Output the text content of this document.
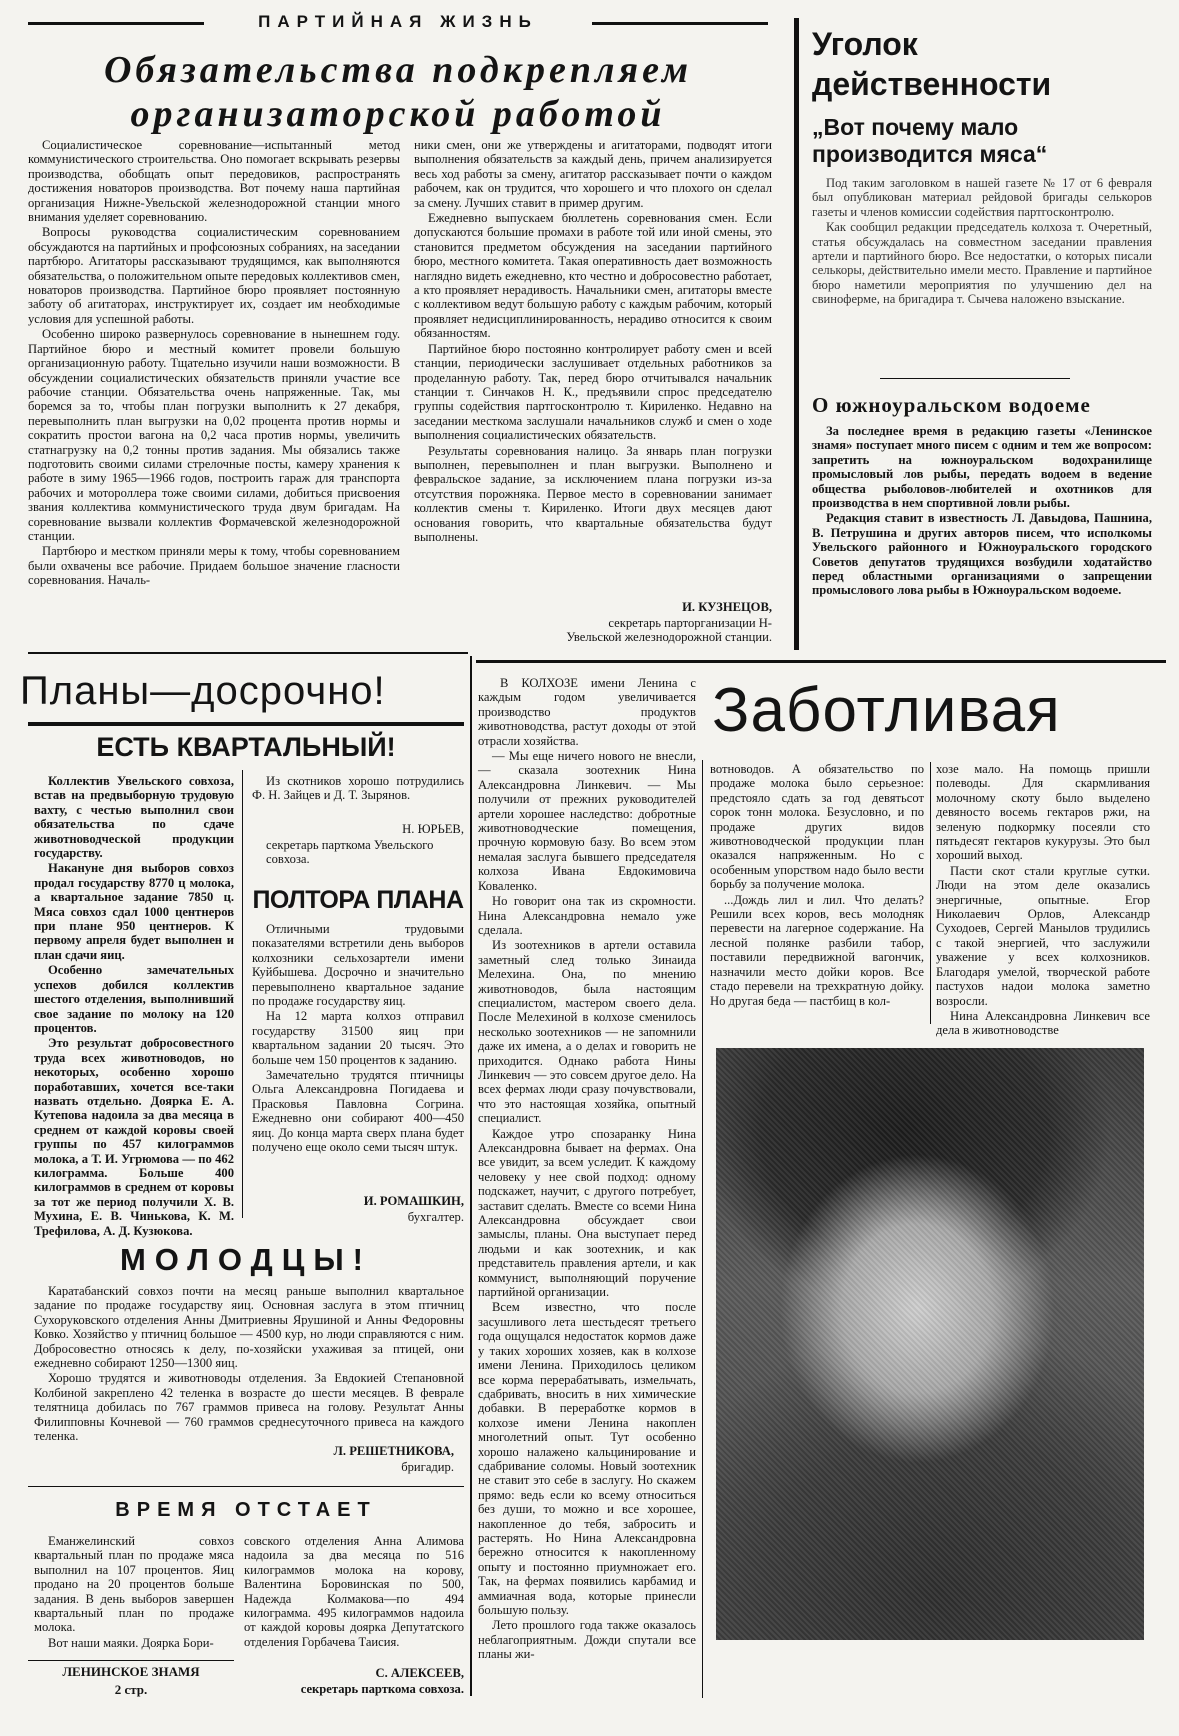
ПАРТИЙНАЯ ЖИЗНЬ
Обязательства подкрепляем
организаторской работой

Социалистическое соревнование—испытанный метод коммунистического строительства. Оно помогает вскрывать резервы производства, обобщать опыт передовиков, распространять достижения новаторов производства. Вот почему наша партийная организация Нижне-Увельской железнодорожной станции много внимания уделяет соревнованию.

Вопросы руководства социалистическим соревнованием обсуждаются на партийных и профсоюзных собраниях, на заседании партбюро. Агитаторы рассказывают трудящимся, как выполняются обязательства, о положительном опыте передовых коллективов смен, новаторов производства. Партийное бюро проявляет постоянную заботу об агитаторах, инструктирует их, создает им необходимые условия для успешной работы.

Особенно широко развернулось соревнование в нынешнем году. Партийное бюро и местный комитет провели большую организационную работу. Тщательно изучили наши возможности. В обсуждении социалистических обязательств приняли участие все рабочие станции. Обязательства очень напряженные. Так, мы боремся за то, чтобы план погрузки выполнить к 27 декабря, перевыполнить план выгрузки на 0,02 процента против нормы и сократить простои вагона на 0,2 часа против нормы, увеличить статнагрузку на 0,2 тонны против задания. Мы обязались также подготовить своими силами стрелочные посты, камеру хранения к работе в зиму 1965—1966 годов, построить гараж для транспорта рабочих и мотороллера тоже своими силами, добиться присвоения звания коллектива коммунистического труда двум бригадам. На соревнование вызвали коллектив Формачевской железнодорожной станции.

Партбюро и местком приняли меры к тому, чтобы соревнованием были охвачены все рабочие. Придаем большое значение гласности соревнования. Началь-

ники смен, они же утверждены и агитаторами, подводят итоги выполнения обязательств за каждый день, причем анализируется весь ход работы за смену, агитатор рассказывает почти о каждом рабочем, как он трудится, что хорошего и что плохого он сделал за смену. Лучших ставит в пример другим.

Ежедневно выпускаем бюллетень соревнования смен. Если допускаются большие промахи в работе той или иной смены, это становится предметом обсуждения на заседании партийного бюро, местного комитета. Такая оперативность дает возможность наглядно видеть ежедневно, кто честно и добросовестно работает, а кто проявляет нерадивость. Начальники смен, агитаторы вместе с коллективом ведут большую работу с каждым рабочим, который проявляет недисциплинированность, нерадиво относится к своим обязанностям.

Партийное бюро постоянно контролирует работу смен и всей станции, периодически заслушивает отдельных работников за проделанную работу. Так, перед бюро отчитывался начальник станции т. Синчаков Н. К., предъявили спрос председателю группы содействия партгосконтролю т. Кириленко. Недавно на заседании месткома заслушали начальников служб и смен о ходе выполнения социалистических обязательств.

Результаты соревнования налицо. За январь план погрузки выполнен, перевыполнен и план выгрузки. Выполнено и февральское задание, за исключением плана погрузки из-за отсутствия порожняка. Первое место в соревновании занимает коллектив смены т. Кириленко. Итоги двух месяцев дают основания говорить, что квартальные обязательства будут выполнены.

И. КУЗНЕЦОВ,
секретарь парторганизации Н-Увельской железнодорожной станции.
Уголок
действенности
„Вот почему мало производится мяса“

Под таким заголовком в нашей газете № 17 от 6 февраля был опубликован материал рейдовой бригады селькоров газеты и членов комиссии содействия партгосконтролю.

Как сообщил редакции председатель колхоза т. Очеретный, статья обсуждалась на совместном заседании правления артели и партийного бюро. Все недостатки, о которых писали селькоры, действительно имели место. Правление и партийное бюро наметили мероприятия по улучшению дел на свиноферме, на бригадира т. Сычева наложено взыскание.

О южноуральском водоеме

За последнее время в редакцию газеты «Ленинское знамя» поступает много писем с одним и тем же вопросом: запретить на южноуральском водохранилище промысловый лов рыбы, передать водоем в ведение общества рыболовов-любителей и охотников для производства в нем спортивной ловли рыбы.

Редакция ставит в известность Л. Давыдова, Пашнина, В. Петрушина и других авторов писем, что исполкомы Увельского районного и Южноуральского городского Советов депутатов трудящихся возбудили ходатайство перед областными организациями о запрещении промыслового лова рыбы в Южноуральском водоеме.

Планы—досрочно!
ЕСТЬ КВАРТАЛЬНЫЙ!

Коллектив Увельского совхоза, встав на предвыборную трудовую вахту, с честью выполнил свои обязательства по сдаче животноводческой продукции государству.

Накануне дня выборов совхоз продал государству 8770 ц молока, а квартальное задание 7850 ц. Мяса совхоз сдал 1000 центнеров при плане 950 центнеров. К первому апреля будет выполнен и план сдачи яиц.

Особенно замечательных успехов добился коллектив шестого отделения, выполнивший свое задание по молоку на 120 процентов.

Это результат добросовестного труда всех животноводов, но некоторых, особенно хорошо поработавших, хочется все-таки назвать отдельно. Доярка Е. А. Кутепова надоила за два месяца в среднем от каждой коровы своей группы по 457 килограммов молока, а Т. И. Угрюмова — по 462 килограмма. Больше 400 килограммов в среднем от коровы за тот же период получили Х. В. Мухина, Е. В. Чинькова, К. М. Трефилова, А. Д. Кузюкова.

Из скотников хорошо потрудились Ф. Н. Зайцев и Д. Т. Зырянов.

Н. ЮРЬЕВ,
секретарь парткома Увельского совхоза.
ПОЛТОРА ПЛАНА

Отличными трудовыми показателями встретили день выборов колхозники сельхозартели имени Куйбышева. Досрочно и значительно перевыполнено квартальное задание по продаже государству яиц.

На 12 марта колхоз отправил государству 31500 яиц при квартальном задании 20 тысяч. Это больше чем 150 процентов к заданию.

Замечательно трудятся птичницы Ольга Александровна Погидаева и Прасковья Павловна Согрина. Ежедневно они собирают 400—450 яиц. До конца марта сверх плана будет получено еще около семи тысяч штук.

И. РОМАШКИН,
бухгалтер.
МОЛОДЦЫ!

Каратабанский совхоз почти на месяц раньше выполнил квартальное задание по продаже государству яиц. Основная заслуга в этом птичниц Сухоруковского отделения Анны Дмитриевны Ярушиной и Анны Федоровны Ковко. Хозяйство у птичниц большое — 4500 кур, но люди справляются с ним. Добросовестно относясь к делу, по-хозяйски ухаживая за птицей, они ежедневно собирают 1250—1300 яиц.

Хорошо трудятся и животноводы отделения. За Евдокией Степановной Колбиной закреплено 42 теленка в возрасте до шести месяцев. В феврале телятница добилась по 767 граммов привеса на голову. Результат Анны Филипповны Кочневой — 760 граммов среднесуточного привеса на каждого теленка.

Л. РЕШЕТНИКОВА,
бригадир.
ВРЕМЯ ОТСТАЕТ

Еманжелинский совхоз квартальный план по продаже мяса выполнил на 107 процентов. Яиц продано на 20 процентов больше задания. В день выборов завершен квартальный план по продаже молока.

Вот наши маяки. Доярка Бори-

совского отделения Анна Алимова надоила за два месяца по 516 килограммов молока на корову, Валентина Боровинская по 500, Надежда Колмакова—по 494 килограмма. 495 килограммов надоила от каждой коровы доярка Депутатского отделения Горбачева Таисия.

С. АЛЕКСЕЕВ,
секретарь парткома совхоза.
ЛЕНИНСКОЕ ЗНАМЯ
2 стр.
Заботливая

В КОЛХОЗЕ имени Ленина с каждым годом увеличивается производство продуктов животноводства, растут доходы от этой отрасли хозяйства.

— Мы еще ничего нового не внесли, — сказала зоотехник Нина Александровна Линкевич. — Мы получили от прежних руководителей артели хорошее наследство: добротные животноводческие помещения, прочную кормовую базу. Во всем этом немалая заслуга бывшего председателя колхоза Ивана Евдокимовича Коваленко.

Но говорит она так из скромности. Нина Александровна немало уже сделала.

Из зоотехников в артели оставила заметный след только Зинаида Мелехина. Она, по мнению животноводов, была настоящим специалистом, мастером своего дела. После Мелехиной в колхозе сменилось несколько зоотехников — не запомнили даже их имена, а о делах и говорить не приходится. Однако работа Нины Линкевич — это совсем другое дело. На всех фермах люди сразу почувствовали, что это настоящая хозяйка, опытный специалист.

Каждое утро спозаранку Нина Александровна бывает на фермах. Она все увидит, за всем уследит. К каждому человеку у нее свой подход: одному подскажет, научит, с другого потребует, заставит сделать. Вместе со всеми Нина Александровна обсуждает свои замыслы, планы. Она выступает перед людьми и как зоотехник, и как представитель правления артели, и как коммунист, выполняющий поручение партийной организации.

Всем известно, что после засушливого лета шестьдесят третьего года ощущался недостаток кормов даже у таких хороших хозяев, как в колхозе имени Ленина. Приходилось целиком все корма перерабатывать, измельчать, сдабривать, вносить в них химические добавки. В переработке кормов в колхозе имени Ленина накоплен многолетний опыт. Тут особенно хорошо налажено кальцинирование и сдабривание соломы. Новый зоотехник не ставит это себе в заслугу. Но скажем прямо: ведь если ко всему относиться без души, то можно и все хорошее, накопленное до тебя, забросить и растерять. Но Нина Александровна бережно относится к накопленному опыту и постоянно приумножает его. Так, на фермах появились карбамид и аммиачная вода, которые принесли большую пользу.

Лето прошлого года также оказалось неблагоприятным. Дожди спутали все планы жи-

вотноводов. А обязательство по продаже молока было серьезное: предстояло сдать за год девятьсот сорок тонн молока. Безусловно, и по продаже других видов животноводческой продукции план оказался напряженным. Но с особенным упорством надо было вести борьбу за получение молока.

...Дождь лил и лил. Что делать? Решили всех коров, весь молодняк перевести на лагерное содержание. На лесной полянке разбили табор, поставили передвижной вагончик, назначили место дойки коров. Все стадо перевели на трехкратную дойку. Но другая беда — пастбищ в кол-

хозе мало. На помощь пришли полеводы. Для скармливания молочному скоту было выделено девяносто восемь гектаров ржи, на зеленую подкормку посеяли сто пятьдесят гектаров кукурузы. Это был хороший выход.

Пасти скот стали круглые сутки. Люди на этом деле оказались энергичные, опытные. Егор Николаевич Орлов, Александр Суходоев, Сергей Манылов трудились с такой энергией, что заслужили уважение у всех колхозников. Благодаря умелой, творческой работе пастухов надои молока заметно возросли.

Нина Александровна Линкевич все дела в животноводстве
